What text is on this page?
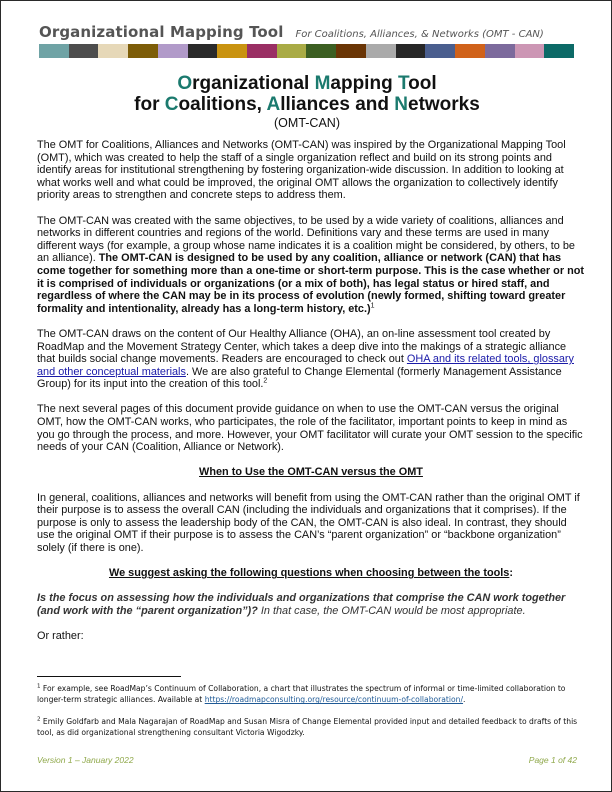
Organizational Mapping Tool For Coalitions, Alliances, & Networks (OMT - CAN)
Organizational Mapping Tool
for Coalitions, Alliances and Networks
(OMT-CAN)

The OMT for Coalitions, Alliances and Networks (OMT-CAN) was inspired by the Organizational Mapping Tool (OMT), which was created to help the staff of a single organization reflect and build on its strong points and identify areas for institutional strengthening by fostering organization-wide discussion. In addition to looking at what works well and what could be improved, the original OMT allows the organization to collectively identify priority areas to strengthen and concrete steps to address them.

The OMT-CAN was created with the same objectives, to be used by a wide variety of coalitions, alliances and networks in different countries and regions of the world. Definitions vary and these terms are used in many different ways (for example, a group whose name indicates it is a coalition might be considered, by others, to be an alliance). The OMT-CAN is designed to be used by any coalition, alliance or network (CAN) that has come together for something more than a one-time or short-term purpose. This is the case whether or not it is comprised of individuals or organizations (or a mix of both), has legal status or hired staff, and regardless of where the CAN may be in its process of evolution (newly formed, shifting toward greater formality and intentionality, already has a long-term history, etc.)$^1$

The OMT-CAN draws on the content of Our Healthy Alliance (OHA), an on-line assessment tool created by RoadMap and the Movement Strategy Center, which takes a deep dive into the makings of a strategic alliance that builds social change movements. Readers are encouraged to check out OHA and its related tools, glossary and other conceptual materials. We are also grateful to Change Elemental (formerly Management Assistance Group) for its input into the creation of this tool.$^2$

The next several pages of this document provide guidance on when to use the OMT-CAN versus the original OMT, how the OMT-CAN works, who participates, the role of the facilitator, important points to keep in mind as you go through the process, and more. However, your OMT facilitator will curate your OMT session to the specific needs of your CAN (Coalition, Alliance or Network).

When to Use the OMT-CAN versus the OMT

In general, coalitions, alliances and networks will benefit from using the OMT-CAN rather than the original OMT if their purpose is to assess the overall CAN (including the individuals and organizations that it comprises). If the purpose is only to assess the leadership body of the CAN, the OMT-CAN is also ideal. In contrast, they should use the original OMT if their purpose is to assess the CAN’s “parent organization” or “backbone organization” solely (if there is one).

We suggest asking the following questions when choosing between the tools:

Is the focus on assessing how the individuals and organizations that comprise the CAN work together (and work with the “parent organization”)? In that case, the OMT-CAN would be most appropriate.

Or rather:

$^1$ For example, see RoadMap’s Continuum of Collaboration, a chart that illustrates the spectrum of informal or time-limited collaboration to longer-term strategic alliances. Available at https://roadmapconsulting.org/resource/continuum-of-collaboration/.

$^2$ Emily Goldfarb and Mala Nagarajan of RoadMap and Susan Misra of Change Elemental provided input and detailed feedback to drafts of this tool, as did organizational strengthening consultant Victoria Wigodzky.

Version 1 – January 2022	Page 1 of 42
